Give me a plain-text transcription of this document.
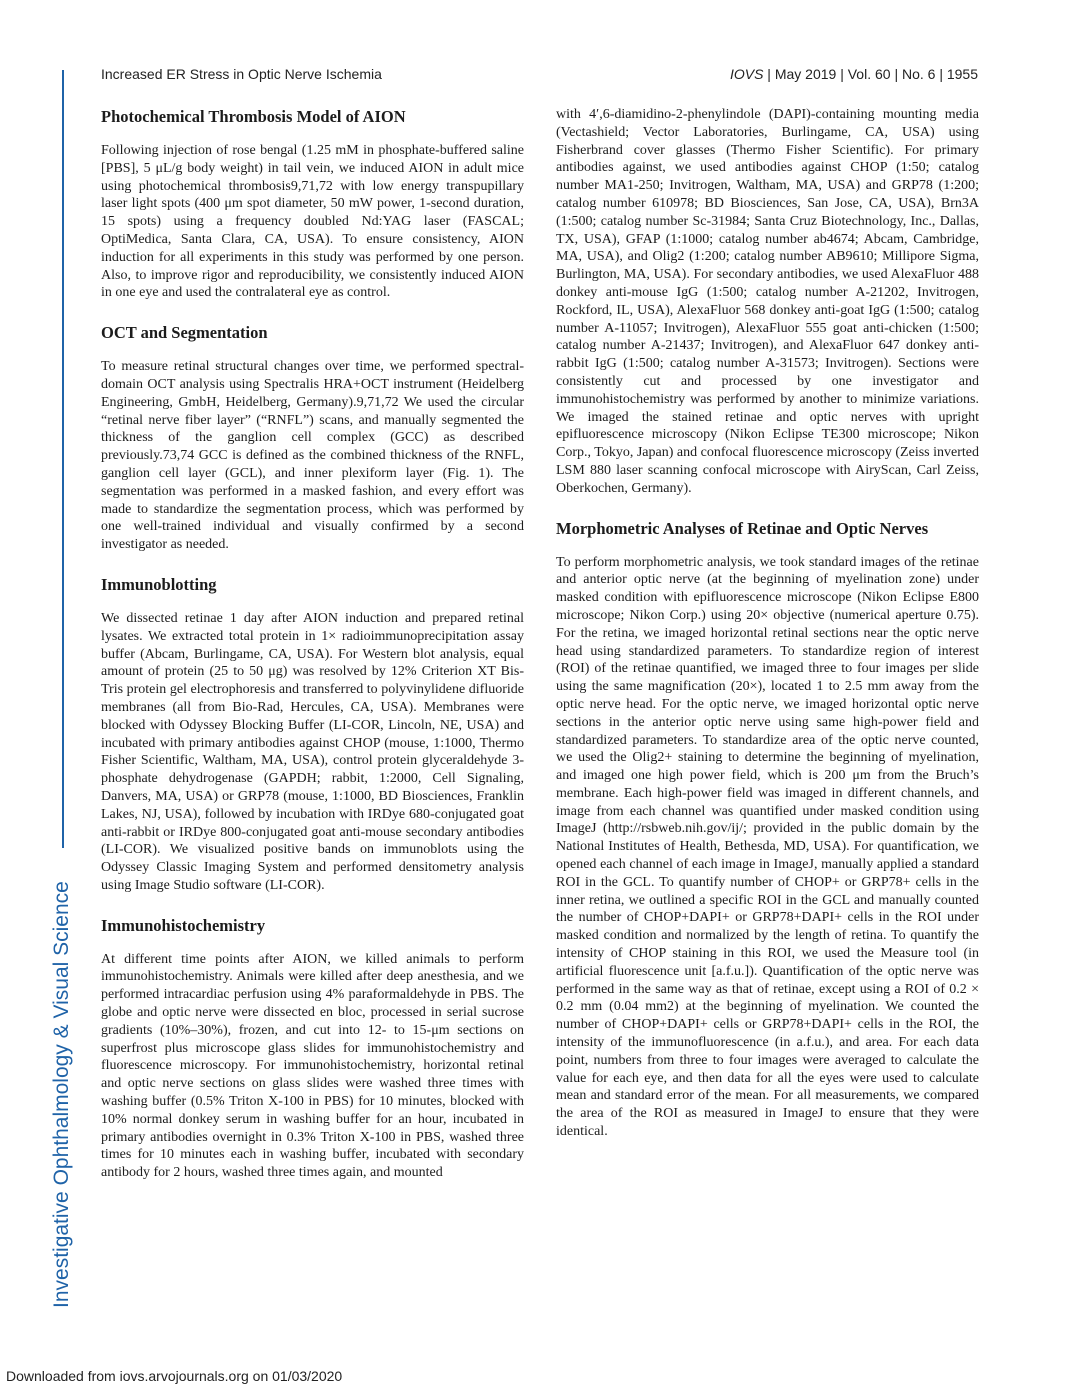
Increased ER Stress in Optic Nerve Ischemia	IOVS | May 2019 | Vol. 60 | No. 6 | 1955
Investigative Ophthalmology & Visual Science
Photochemical Thrombosis Model of AION

Following injection of rose bengal (1.25 mM in phosphate-buffered saline [PBS], 5 μL/g body weight) in tail vein, we induced AION in adult mice using photochemical thrombosis9,71,72 with low energy transpupillary laser light spots (400 μm spot diameter, 50 mW power, 1-second duration, 15 spots) using a frequency doubled Nd:YAG laser (FASCAL; OptiMedica, Santa Clara, CA, USA). To ensure consistency, AION induction for all experiments in this study was performed by one person. Also, to improve rigor and reproducibility, we consistently induced AION in one eye and used the contralateral eye as control.

OCT and Segmentation

To measure retinal structural changes over time, we performed spectral-domain OCT analysis using Spectralis HRA+OCT instrument (Heidelberg Engineering, GmbH, Heidelberg, Germany).9,71,72 We used the circular “retinal nerve fiber layer” (“RNFL”) scans, and manually segmented the thickness of the ganglion cell complex (GCC) as described previously.73,74 GCC is defined as the combined thickness of the RNFL, ganglion cell layer (GCL), and inner plexiform layer (Fig. 1). The segmentation was performed in a masked fashion, and every effort was made to standardize the segmentation process, which was performed by one well-trained individual and visually confirmed by a second investigator as needed.

Immunoblotting

We dissected retinae 1 day after AION induction and prepared retinal lysates. We extracted total protein in 1× radioimmunoprecipitation assay buffer (Abcam, Burlingame, CA, USA). For Western blot analysis, equal amount of protein (25 to 50 μg) was resolved by 12% Criterion XT Bis-Tris protein gel electrophoresis and transferred to polyvinylidene difluoride membranes (all from Bio-Rad, Hercules, CA, USA). Membranes were blocked with Odyssey Blocking Buffer (LI-COR, Lincoln, NE, USA) and incubated with primary antibodies against CHOP (mouse, 1:1000, Thermo Fisher Scientific, Waltham, MA, USA), control protein glyceraldehyde 3-phosphate dehydrogenase (GAPDH; rabbit, 1:2000, Cell Signaling, Danvers, MA, USA) or GRP78 (mouse, 1:1000, BD Biosciences, Franklin Lakes, NJ, USA), followed by incubation with IRDye 680-conjugated goat anti-rabbit or IRDye 800-conjugated goat anti-mouse secondary antibodies (LI-COR). We visualized positive bands on immunoblots using the Odyssey Classic Imaging System and performed densitometry analysis using Image Studio software (LI-COR).

Immunohistochemistry

At different time points after AION, we killed animals to perform immunohistochemistry. Animals were killed after deep anesthesia, and we performed intracardiac perfusion using 4% paraformaldehyde in PBS. The globe and optic nerve were dissected en bloc, processed in serial sucrose gradients (10%–30%), frozen, and cut into 12- to 15-μm sections on superfrost plus microscope glass slides for immunohistochemistry and fluorescence microscopy. For immunohistochemistry, horizontal retinal and optic nerve sections on glass slides were washed three times with washing buffer (0.5% Triton X-100 in PBS) for 10 minutes, blocked with 10% normal donkey serum in washing buffer for an hour, incubated in primary antibodies overnight in 0.3% Triton X-100 in PBS, washed three times for 10 minutes each in washing buffer, incubated with secondary antibody for 2 hours, washed three times again, and mounted

with 4′,6-diamidino-2-phenylindole (DAPI)-containing mounting media (Vectashield; Vector Laboratories, Burlingame, CA, USA) using Fisherbrand cover glasses (Thermo Fisher Scientific). For primary antibodies against, we used antibodies against CHOP (1:50; catalog number MA1-250; Invitrogen, Waltham, MA, USA) and GRP78 (1:200; catalog number 610978; BD Biosciences, San Jose, CA, USA), Brn3A (1:500; catalog number Sc-31984; Santa Cruz Biotechnology, Inc., Dallas, TX, USA), GFAP (1:1000; catalog number ab4674; Abcam, Cambridge, MA, USA), and Olig2 (1:200; catalog number AB9610; Millipore Sigma, Burlington, MA, USA). For secondary antibodies, we used AlexaFluor 488 donkey anti-mouse IgG (1:500; catalog number A-21202, Invitrogen, Rockford, IL, USA), AlexaFluor 568 donkey anti-goat IgG (1:500; catalog number A-11057; Invitrogen), AlexaFluor 555 goat anti-chicken (1:500; catalog number A-21437; Invitrogen), and AlexaFluor 647 donkey anti-rabbit IgG (1:500; catalog number A-31573; Invitrogen). Sections were consistently cut and processed by one investigator and immunohistochemistry was performed by another to minimize variations. We imaged the stained retinae and optic nerves with upright epifluorescence microscopy (Nikon Eclipse TE300 microscope; Nikon Corp., Tokyo, Japan) and confocal fluorescence microscopy (Zeiss inverted LSM 880 laser scanning confocal microscope with AiryScan, Carl Zeiss, Oberkochen, Germany).

Morphometric Analyses of Retinae and Optic Nerves

To perform morphometric analysis, we took standard images of the retinae and anterior optic nerve (at the beginning of myelination zone) under masked condition with epifluorescence microscope (Nikon Eclipse E800 microscope; Nikon Corp.) using 20× objective (numerical aperture 0.75). For the retina, we imaged horizontal retinal sections near the optic nerve head using standardized parameters. To standardize region of interest (ROI) of the retinae quantified, we imaged three to four images per slide using the same magnification (20×), located 1 to 2.5 mm away from the optic nerve head. For the optic nerve, we imaged horizontal optic nerve sections in the anterior optic nerve using same high-power field and standardized parameters. To standardize area of the optic nerve counted, we used the Olig2+ staining to determine the beginning of myelination, and imaged one high power field, which is 200 μm from the Bruch’s membrane. Each high-power field was imaged in different channels, and image from each channel was quantified under masked condition using ImageJ (http://rsbweb.nih.gov/ij/; provided in the public domain by the National Institutes of Health, Bethesda, MD, USA). For quantification, we opened each channel of each image in ImageJ, manually applied a standard ROI in the GCL. To quantify number of CHOP+ or GRP78+ cells in the inner retina, we outlined a specific ROI in the GCL and manually counted the number of CHOP+DAPI+ or GRP78+DAPI+ cells in the ROI under masked condition and normalized by the length of retina. To quantify the intensity of CHOP staining in this ROI, we used the Measure tool (in artificial fluorescence unit [a.f.u.]). Quantification of the optic nerve was performed in the same way as that of retinae, except using a ROI of 0.2 × 0.2 mm (0.04 mm2) at the beginning of myelination. We counted the number of CHOP+DAPI+ cells or GRP78+DAPI+ cells in the ROI, the intensity of the immunofluorescence (in a.f.u.), and area. For each data point, numbers from three to four images were averaged to calculate the value for each eye, and then data for all the eyes were used to calculate mean and standard error of the mean. For all measurements, we compared the area of the ROI as measured in ImageJ to ensure that they were identical.

Downloaded from iovs.arvojournals.org on 01/03/2020
